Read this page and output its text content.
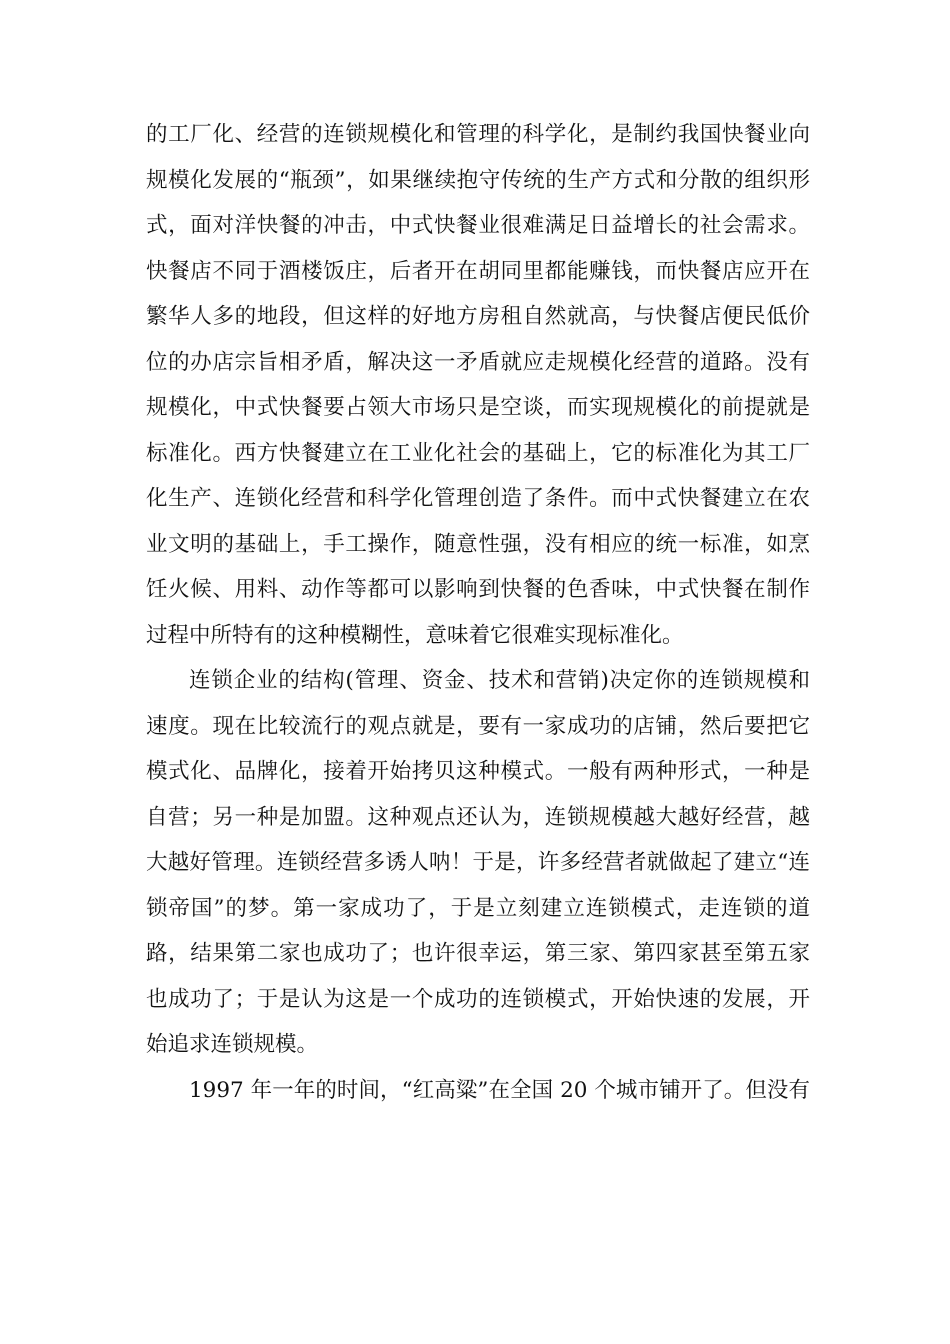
的工厂化、经营的连锁规模化和管理的科学化，是制约我国快餐业向
规模化发展的“瓶颈”，如果继续抱守传统的生产方式和分散的组织形
式，面对洋快餐的冲击，中式快餐业很难满足日益增长的社会需求。
快餐店不同于酒楼饭庄，后者开在胡同里都能赚钱，而快餐店应开在
繁华人多的地段，但这样的好地方房租自然就高，与快餐店便民低价
位的办店宗旨相矛盾，解决这一矛盾就应走规模化经营的道路。没有
规模化，中式快餐要占领大市场只是空谈，而实现规模化的前提就是
标准化。西方快餐建立在工业化社会的基础上，它的标准化为其工厂
化生产、连锁化经营和科学化管理创造了条件。而中式快餐建立在农
业文明的基础上，手工操作，随意性强，没有相应的统一标准，如烹
饪火候、用料、动作等都可以影响到快餐的色香味，中式快餐在制作
过程中所特有的这种模糊性，意味着它很难实现标准化。
连锁企业的结构(管理、资金、技术和营销)决定你的连锁规模和
速度。现在比较流行的观点就是，要有一家成功的店铺，然后要把它
模式化、品牌化，接着开始拷贝这种模式。一般有两种形式，一种是
自营；另一种是加盟。这种观点还认为，连锁规模越大越好经营，越
大越好管理。连锁经营多诱人呐！于是，许多经营者就做起了建立“连
锁帝国”的梦。第一家成功了，于是立刻建立连锁模式，走连锁的道
路，结果第二家也成功了；也许很幸运，第三家、第四家甚至第五家
也成功了；于是认为这是一个成功的连锁模式，开始快速的发展，开
始追求连锁规模。
1997 年一年的时间，“红高粱”在全国 20 个城市铺开了。但没有
